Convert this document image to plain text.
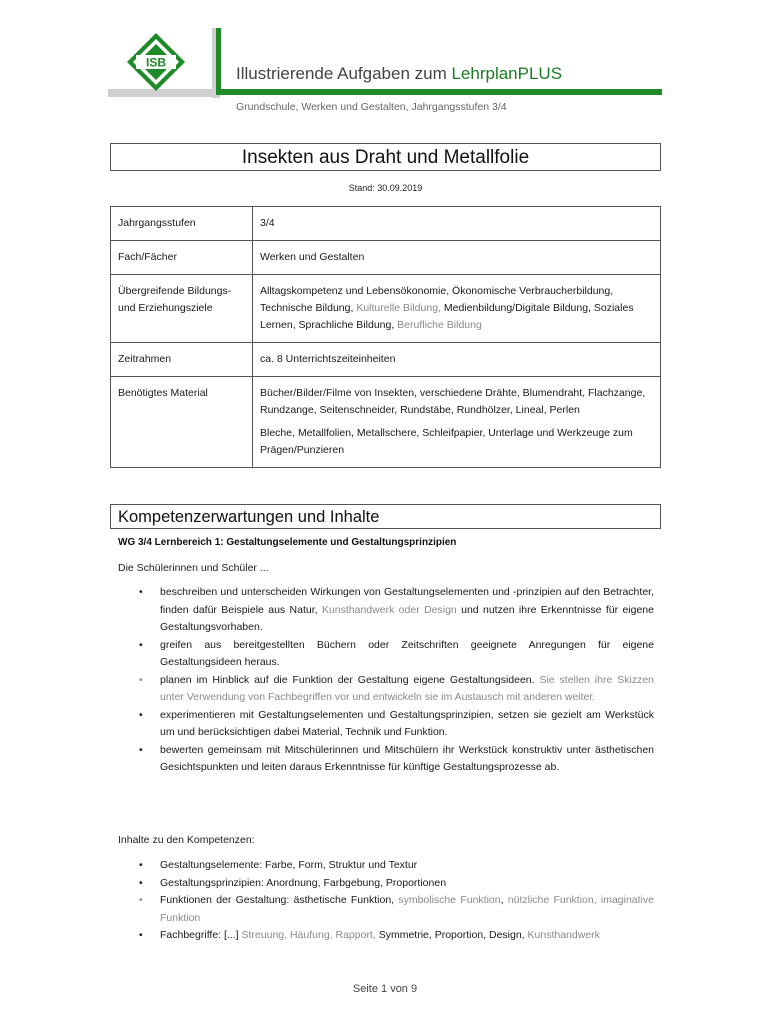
ISB
Illustrierende Aufgaben zum LehrplanPLUS
Grundschule, Werken und Gestalten, Jahrgangsstufen 3/4
Insekten aus Draht und Metallfolie
Stand: 30.09.2019
Jahrgangsstufen	3/4
Fach/Fächer	Werken und Gestalten
Übergreifende Bildungs-
und Erziehungsziele	Alltagskompetenz und Lebensökonomie, Ökonomische Verbraucherbildung, Technische Bildung, Kulturelle Bildung, Medienbildung/Digitale Bildung, Soziales Lernen, Sprachliche Bildung, Berufliche Bildung
Zeitrahmen	ca. 8 Unterrichtszeiteinheiten
Benötigtes Material	Bücher/Bilder/Filme von Insekten, verschiedene Drähte, Blumendraht, Flachzange, Rundzange, Seitenschneider, Rundstäbe, Rundhölzer, Lineal, Perlen
Bleche, Metallfolien, Metallschere, Schleifpapier, Unterlage und Werkzeuge zum Prägen/Punzieren
Kompetenzerwartungen und Inhalte
WG 3/4 Lernbereich 1: Gestaltungselemente und Gestaltungsprinzipien
Die Schülerinnen und Schüler ...
• beschreiben und unterscheiden Wirkungen von Gestaltungselementen und -prinzipien auf den Betrachter, finden dafür Beispiele aus Natur, Kunsthandwerk oder Design und nutzen ihre Erkenntnisse für eigene Gestaltungsvorhaben.
• greifen aus bereitgestellten Büchern oder Zeitschriften geeignete Anregungen für eigene Gestaltungsideen heraus.
• planen im Hinblick auf die Funktion der Gestaltung eigene Gestaltungsideen. Sie stellen ihre Skizzen unter Verwendung von Fachbegriffen vor und entwickeln sie im Austausch mit anderen weiter.
• experimentieren mit Gestaltungselementen und Gestaltungsprinzipien, setzen sie gezielt am Werkstück um und berücksichtigen dabei Material, Technik und Funktion.
• bewerten gemeinsam mit Mitschülerinnen und Mitschülern ihr Werkstück konstruktiv unter ästhetischen Gesichtspunkten und leiten daraus Erkenntnisse für künftige Gestaltungsprozesse ab.
Inhalte zu den Kompetenzen:
• Gestaltungselemente: Farbe, Form, Struktur und Textur
• Gestaltungsprinzipien: Anordnung, Farbgebung, Proportionen
• Funktionen der Gestaltung: ästhetische Funktion, symbolische Funktion, nützliche Funktion, imaginative Funktion
• Fachbegriffe: [...] Streuung, Häufung, Rapport, Symmetrie, Proportion, Design, Kunsthandwerk
Seite 1 von 9
